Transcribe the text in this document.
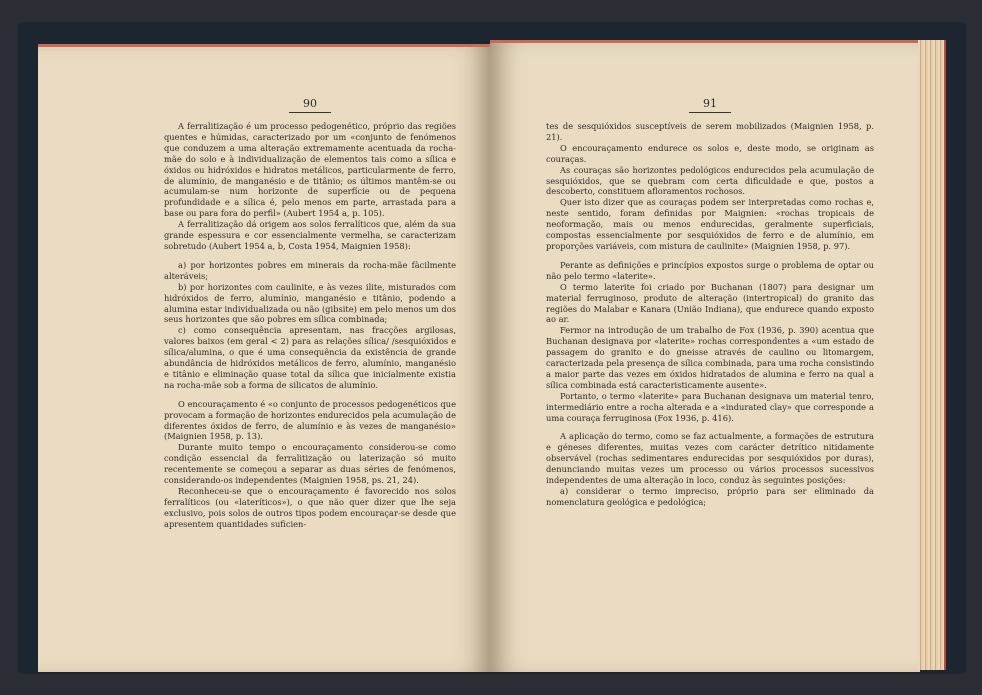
90

A ferralitização é um processo pedogenético, próprio das regiões quentes e húmidas, caracterizado por um «conjunto de fenómenos que conduzem a uma alteração extremamente acentuada da rocha-mãe do solo e à individualização de elementos tais como a sílica e óxidos ou hidróxidos e hidratos metálicos, particularmente de ferro, de alumínio, de manganésio e de titânio; os últimos mantêm-se ou acumulam-se num horizonte de superfície ou de pequena profundidade e a sílica é, pelo menos em parte, arrastada para a base ou para fora do perfil» (Aubert 1954 a, p. 105).

A ferralitização dá origem aos solos ferralíticos que, além da sua grande espessura e cor essencialmente vermelha, se caracterizam sobretudo (Aubert 1954 a, b, Costa 1954, Maignien 1958):

a) por horizontes pobres em minerais da rocha-mãe fàcilmente alteráveis;

b) por horizontes com caulinite, e às vezes ilite, misturados com hidróxidos de ferro, alumínio, manganésio e titânio, podendo a alumina estar individualizada ou não (gibsite) em pelo menos um dos seus horizontes que são pobres em sílica combinada;

c) como consequência apresentam, nas fracções argilosas, valores baixos (em geral < 2) para as relações sílica/ /sesquióxidos e sílica/alumina, o que é uma consequência da existência de grande abundância de hidróxidos metálicos de ferro, alumínio, manganésio e titânio e eliminação quase total da sílica que inicialmente existia na rocha-mãe sob a forma de silicatos de alumínio.

O encouraçamento é «o conjunto de processos pedogenéticos que provocam a formação de horizontes endurecidos pela acumulação de diferentes óxidos de ferro, de alumínio e às vezes de manganésio» (Maignien 1958, p. 13).

Durante muito tempo o encouraçamento considerou-se como condição essencial da ferralitização ou laterização só muito recentemente se começou a separar as duas séries de fenómenos, considerando-os independentes (Maignien 1958, ps. 21, 24).

Reconheceu-se que o encouraçamento é favorecido nos solos ferralíticos (ou «lateríticos»), o que não quer dizer que lhe seja exclusivo, pois solos de outros tipos podem encouraçar-se desde que apresentem quantidades suficien-

91

tes de sesquióxidos susceptíveis de serem mobilizados (Maignien 1958, p. 21).

O encouraçamento endurece os solos e, deste modo, se originam as couraças.

As couraças são horizontes pedológicos endurecidos pela acumulação de sesquióxidos, que se quebram com certa dificuldade e que, postos a descoberto, constituem afloramentos rochosos.

Quer isto dizer que as couraças podem ser interpretadas como rochas e, neste sentido, foram definidas por Maignien: «rochas tropicais de neoformação, mais ou menos endurecidas, geralmente superficiais, compostas essencialmente por sesquióxidos de ferro e de alumínio, em proporções variáveis, com mistura de caulinite» (Maignien 1958, p. 97).

Perante as definições e princípios expostos surge o problema de optar ou não pelo termo «laterite».

O termo laterite foi criado por Buchanan (1807) para designar um material ferruginoso, produto de alteração (intertropical) do granito das regiões do Malabar e Kanara (União Indiana), que endurece quando exposto ao ar.

Fermor na introdução de um trabalho de Fox (1936, p. 390) acentua que Buchanan designava por «laterite» rochas correspondentes a «um estado de passagem do granito e do gneisse através de caulino ou litomargem, caracterizada pela presença de sílica combinada, para uma rocha consistindo a maior parte das vezes em óxidos hidratados de alumina e ferro na qual a sílica combinada está caracteristicamente ausente».

Portanto, o termo «laterite» para Buchanan designava um material tenro, intermediário entre a rocha alterada e a «indurated clay» que corresponde a uma couraça ferruginosa (Fox 1936, p. 416).

A aplicação do termo, como se faz actualmente, a formações de estrutura e géneses diferentes, muitas vezes com carácter detrítico nitidamente observável (rochas sedimentares endurecidas por sesquióxidos por duras), denunciando muitas vezes um processo ou vários processos sucessivos independentes de uma alteração in loco, conduz às seguintes posições:

a) considerar o termo impreciso, próprio para ser eliminado da nomenclatura geológica e pedológica;
